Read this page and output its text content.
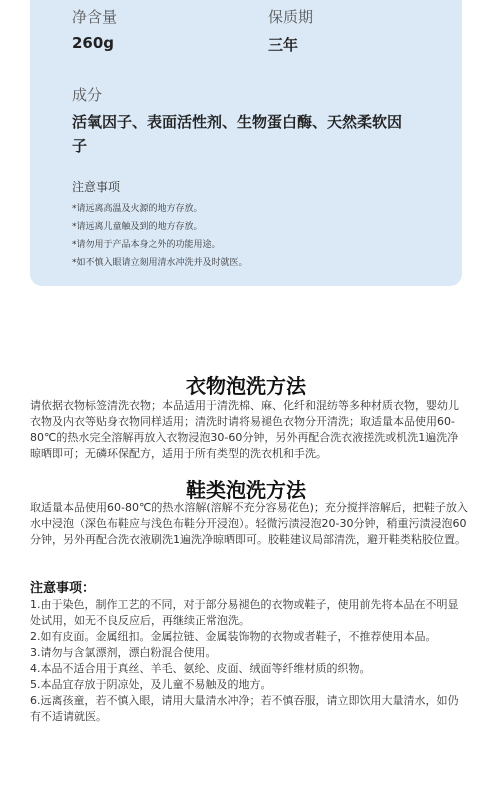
净含量
260g
保质期
三年
成分
活氧因子、表面活性剂、生物蛋白酶、天然柔软因子
注意事项
*请远离高温及火源的地方存放。
*请远离儿童触及到的地方存放。
*请勿用于产品本身之外的功能用途。
*如不慎入眼请立刻用清水冲洗并及时就医。
衣物泡洗方法

请依据衣物标签清洗衣物；本品适用于清洗棉、麻、化纤和混纺等多种材质衣物，婴幼儿衣物及内衣等贴身衣物同样适用；清洗时请将易褪色衣物分开清洗；取适量本品使用60-80℃的热水完全溶解再放入衣物浸泡30-60分钟，另外再配合洗衣液搓洗或机洗1遍洗净晾晒即可；无磷环保配方，适用于所有类型的洗衣机和手洗。

鞋类泡洗方法

取适量本品使用60-80℃的热水溶解(溶解不充分容易花色)；充分搅拌溶解后，把鞋子放入水中浸泡（深色布鞋应与浅色布鞋分开浸泡）。轻微污渍浸泡20-30分钟，稍重污渍浸泡60分钟，另外再配合洗衣液刷洗1遍洗净晾晒即可。胶鞋建议局部清洗，避开鞋类粘胶位置。

注意事项：
1.由于染色，制作工艺的不同，对于部分易褪色的衣物或鞋子，使用前先将本品在不明显处试用，如无不良反应后，再继续正常泡洗。
2.如有皮面。金属纽扣。金属拉链、金属装饰物的衣物或者鞋子，不推荐使用本品。
3.请勿与含氯漂剂，漂白粉混合使用。
4.本品不适合用于真丝、羊毛、氨纶、皮面、绒面等纤维材质的织物。
5.本品宜存放于阴凉处，及儿童不易触及的地方。
6.远离孩童，若不慎入眼，请用大量清水冲净；若不慎吞服，请立即饮用大量清水，如仍有不适请就医。
